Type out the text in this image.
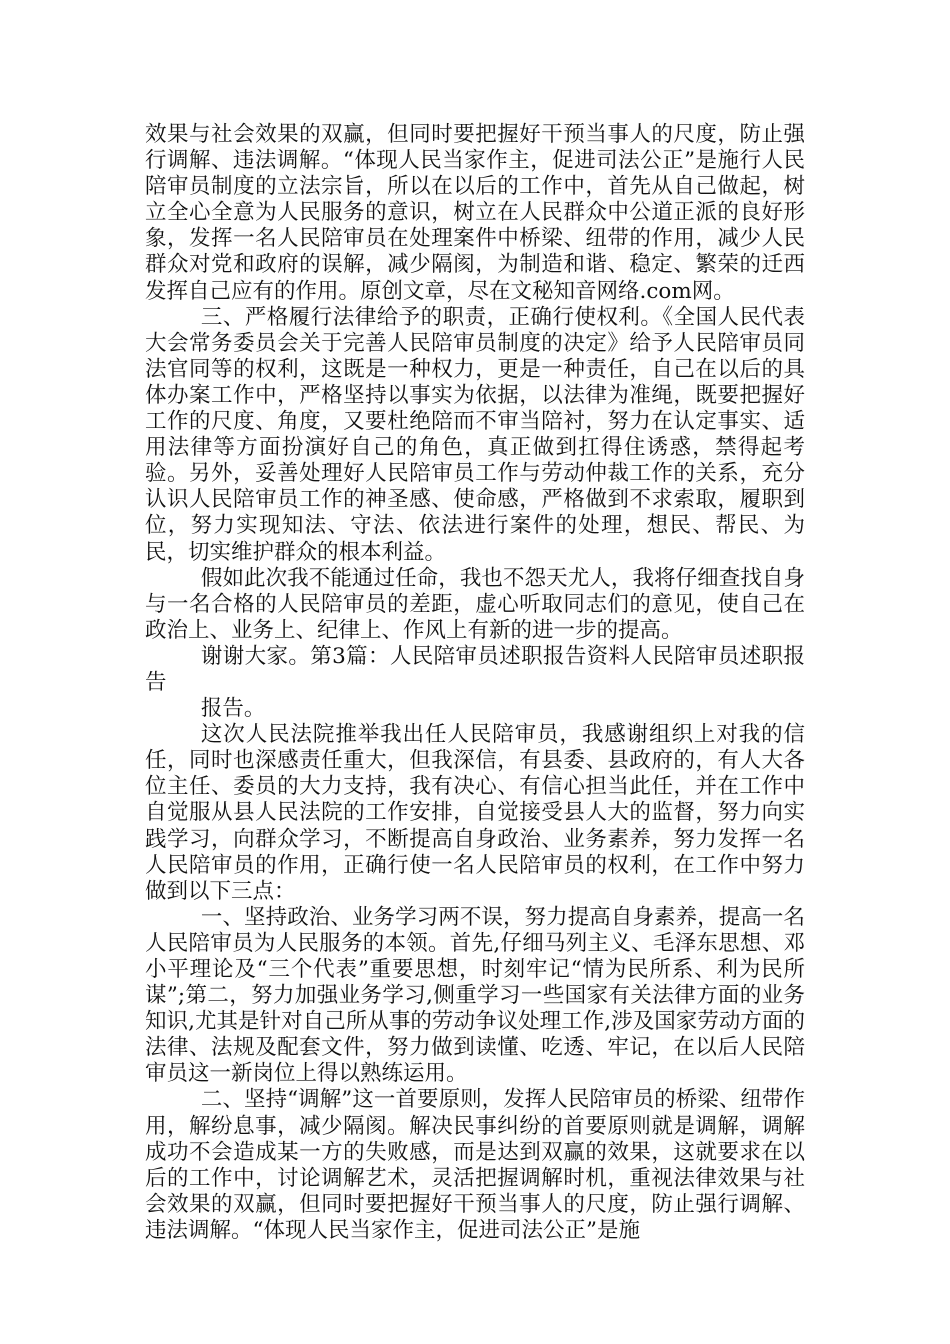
效果与社会效果的双赢，但同时要把握好干预当事人的尺度，防止强行调解、违法调解。“体现人民当家作主，促进司法公正”是施行人民陪审员制度的立法宗旨，所以在以后的工作中，首先从自己做起，树立全心全意为人民服务的意识，树立在人民群众中公道正派的良好形象，发挥一名人民陪审员在处理案件中桥梁、纽带的作用，减少人民群众对党和政府的误解，减少隔阂，为制造和谐、稳定、繁荣的迁西发挥自己应有的作用。原创文章，尽在文秘知音网络.com网。

三、严格履行法律给予的职责，正确行使权利。《全国人民代表大会常务委员会关于完善人民陪审员制度的决定》给予人民陪审员同法官同等的权利，这既是一种权力，更是一种责任，自己在以后的具体办案工作中，严格坚持以事实为依据，以法律为准绳，既要把握好工作的尺度、角度，又要杜绝陪而不审当陪衬，努力在认定事实、适用法律等方面扮演好自己的角色，真正做到扛得住诱惑，禁得起考验。另外，妥善处理好人民陪审员工作与劳动仲裁工作的关系，充分认识人民陪审员工作的神圣感、使命感，严格做到不求索取，履职到位，努力实现知法、守法、依法进行案件的处理，想民、帮民、为民，切实维护群众的根本利益。

假如此次我不能通过任命，我也不怨天尤人，我将仔细查找自身与一名合格的人民陪审员的差距，虚心听取同志们的意见，使自己在政治上、业务上、纪律上、作风上有新的进一步的提高。

谢谢大家。第3篇：人民陪审员述职报告资料人民陪审员述职报告

报告。

这次人民法院推举我出任人民陪审员，我感谢组织上对我的信任，同时也深感责任重大，但我深信，有县委、县政府的，有人大各位主任、委员的大力支持，我有决心、有信心担当此任，并在工作中自觉服从县人民法院的工作安排，自觉接受县人大的监督，努力向实践学习，向群众学习，不断提高自身政治、业务素养，努力发挥一名人民陪审员的作用，正确行使一名人民陪审员的权利，在工作中努力做到以下三点：

一、坚持政治、业务学习两不误，努力提高自身素养，提高一名人民陪审员为人民服务的本领。首先,仔细马列主义、毛泽东思想、邓小平理论及“三个代表”重要思想，时刻牢记“情为民所系、利为民所谋”;第二，努力加强业务学习,侧重学习一些国家有关法律方面的业务知识,尤其是针对自己所从事的劳动争议处理工作,涉及国家劳动方面的法律、法规及配套文件，努力做到读懂、吃透、牢记，在以后人民陪审员这一新岗位上得以熟练运用。

二、坚持“调解”这一首要原则，发挥人民陪审员的桥梁、纽带作用，解纷息事，减少隔阂。解决民事纠纷的首要原则就是调解，调解成功不会造成某一方的失败感，而是达到双赢的效果，这就要求在以后的工作中，讨论调解艺术，灵活把握调解时机，重视法律效果与社会效果的双赢，但同时要把握好干预当事人的尺度，防止强行调解、违法调解。“体现人民当家作主，促进司法公正”是施
